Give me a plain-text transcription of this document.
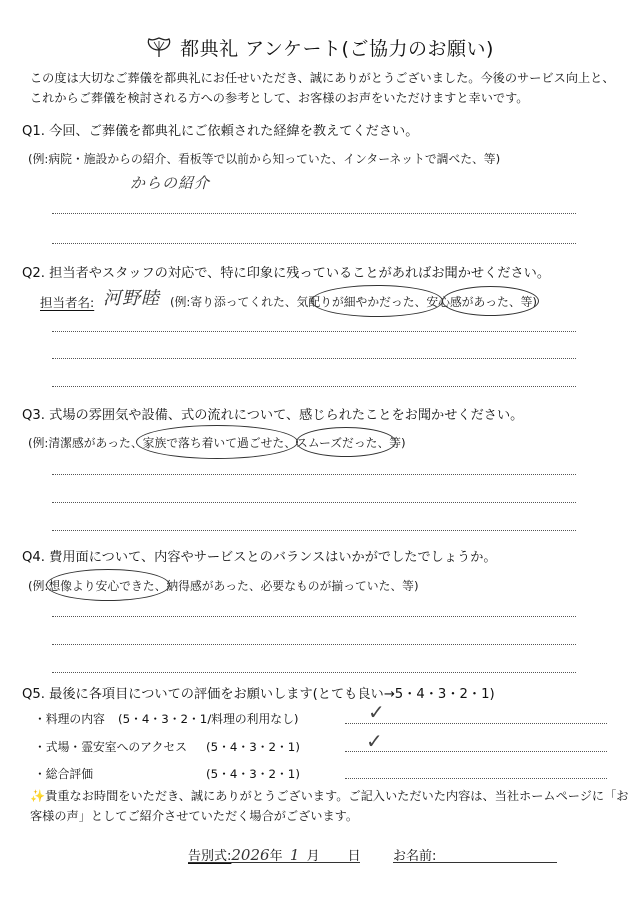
都典礼 アンケート(ご協力のお願い)
この度は大切なご葬儀を都典礼にお任せいただき、誠にありがとうございました。今後のサービス向上と、これからご葬儀を検討される方への参考として、お客様のお声をいただけますと幸いです。
Q1. 今回、ご葬儀を都典礼にご依頼された経緯を教えてください。
(例:病院・施設からの紹介、看板等で以前から知っていた、インターネットで調べた、等)
からの紹介
Q2. 担当者やスタッフの対応で、特に印象に残っていることがあればお聞かせください。
担当者名: 河野睦 (例:寄り添ってくれた、気配りが細やかだった、安心感があった、等)
Q3. 式場の雰囲気や設備、式の流れについて、感じられたことをお聞かせください。
(例:清潔感があった、家族で落ち着いて過ごせた、スムーズだった、等)
Q4. 費用面について、内容やサービスとのバランスはいかがでしたでしょうか。
(例:想像より安心できた、納得感があった、必要なものが揃っていた、等)
Q5. 最後に各項目についての評価をお願いします(とても良い→5・4・3・2・1)
・料理の内容 (5・4・3・2・1/料理の利用なし)	✓
・式場・霊安室へのアクセス (5・4・3・2・1)	✓
・総合評価	(5・4・3・2・1)
✨貴重なお時間をいただき、誠にありがとうございます。ご記入いただいた内容は、当社ホームページに「お客様の声」としてご紹介させていただく場合がございます。
告別式:2026年 1 月 日 お名前:
